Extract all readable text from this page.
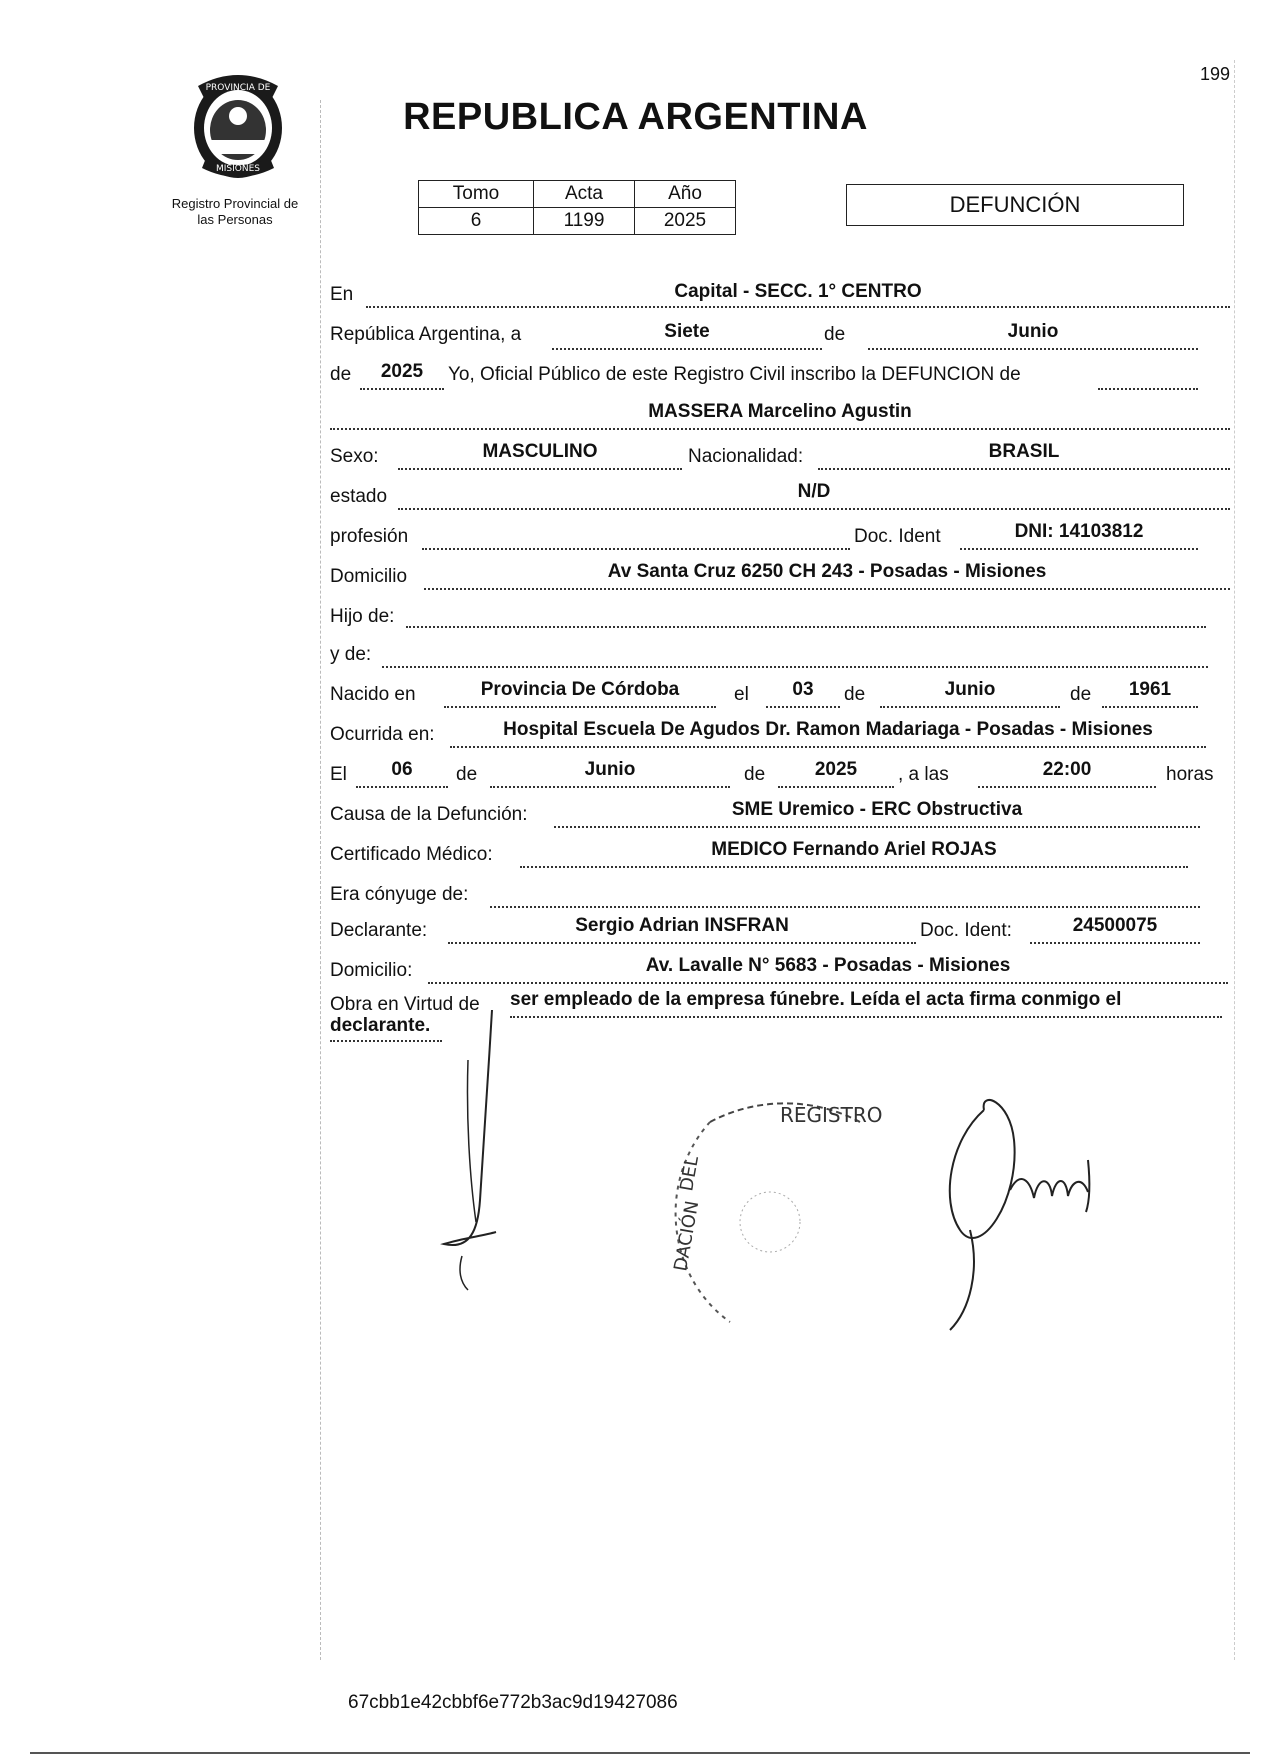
199
PROVINCIA DE
MISIONES
Registro Provincial de
las Personas
REPUBLICA ARGENTINA
Tomo	Acta	Año
6	1199	2025
DEFUNCIÓN
En	Capital - SECC. 1° CENTRO
República Argentina, a	Siete	de	Junio
de	2025	Yo, Oficial Público de este Registro Civil inscribo la DEFUNCION de
MASSERA Marcelino Agustin
Sexo:	MASCULINO	Nacionalidad:	BRASIL
estado	N/D
profesión	Doc. Ident	DNI: 14103812
Domicilio	Av Santa Cruz 6250 CH 243 - Posadas - Misiones
Hijo de:
y de:
Nacido en	Provincia De Córdoba	el	03	de	Junio	de	1961
Ocurrida en:	Hospital Escuela De Agudos Dr. Ramon Madariaga - Posadas - Misiones
El	06	de	Junio	de	2025	, a las	22:00	horas
Causa de la Defunción:	SME Uremico - ERC Obstructiva
Certificado Médico:	MEDICO Fernando Ariel ROJAS
Era cónyuge de:
Declarante:	Sergio Adrian INSFRAN	Doc. Ident:	24500075
Domicilio:	Av. Lavalle N° 5683 - Posadas - Misiones
Obra en Virtud de ser empleado de la empresa fúnebre. Leída el acta firma conmigo el
declarante.
REGISTRO
DEL
DACIÓN
67cbb1e42cbbf6e772b3ac9d19427086
